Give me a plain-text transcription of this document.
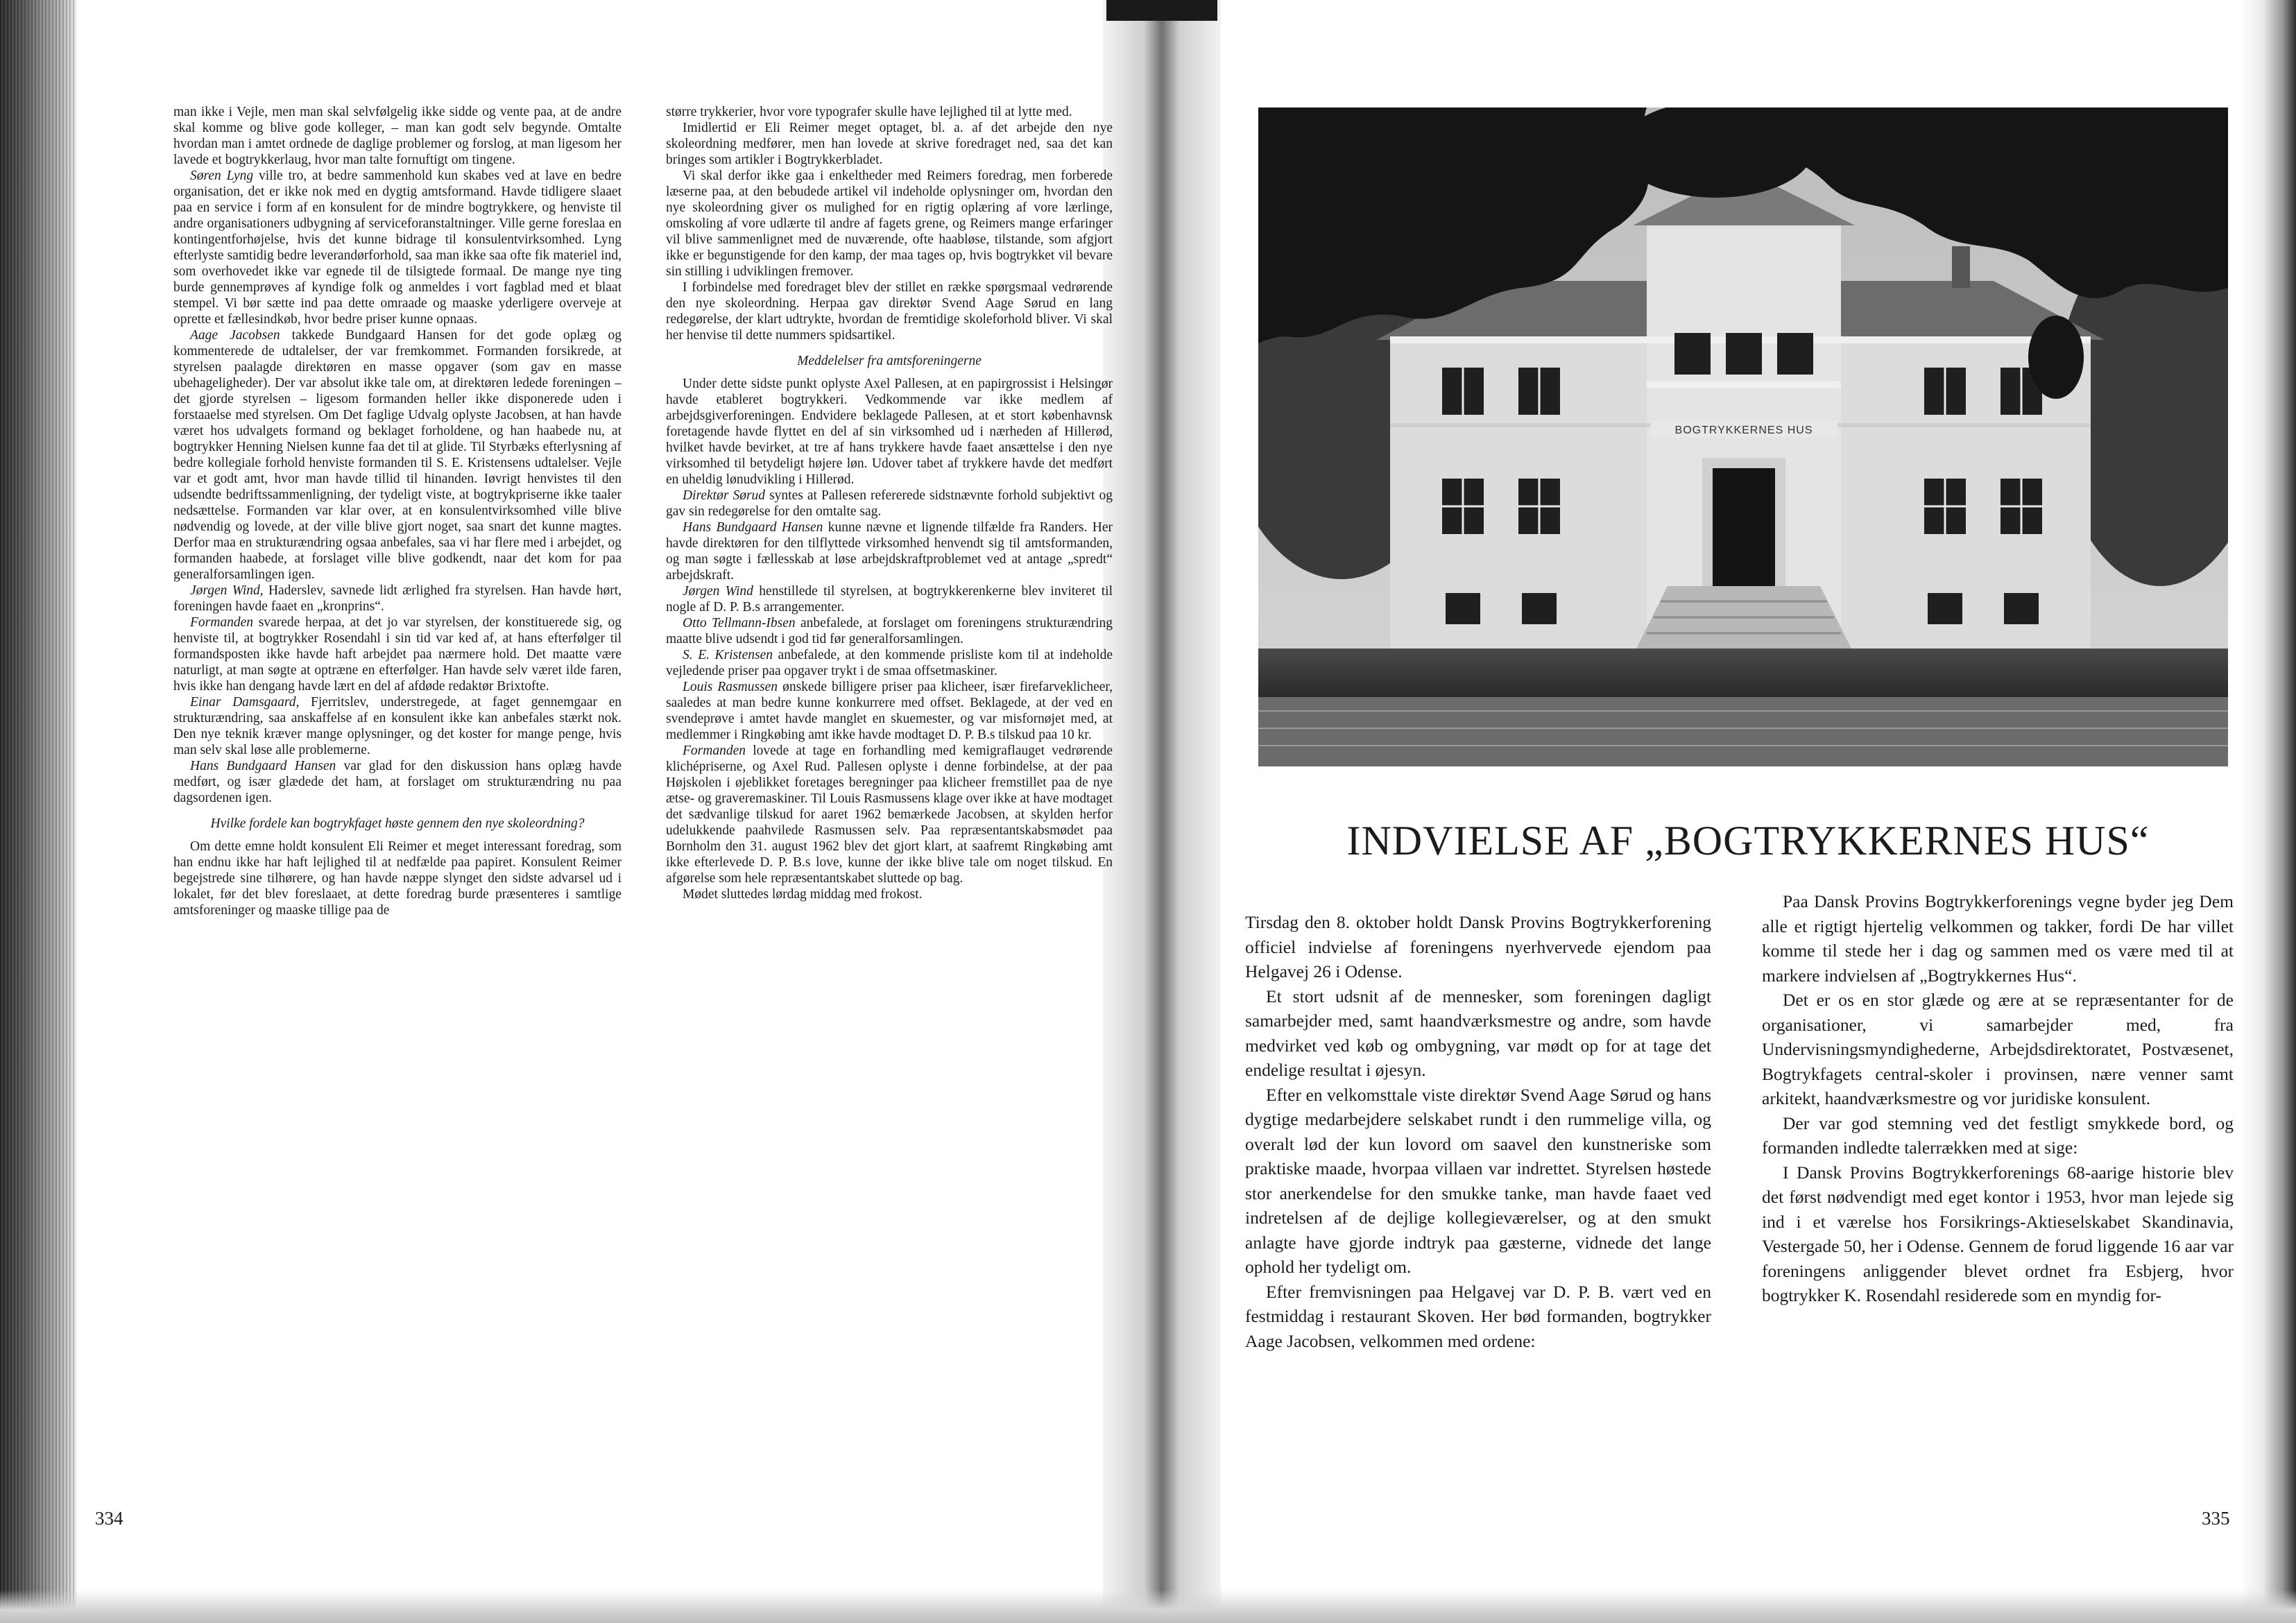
man ikke i Vejle, men man skal selvfølgelig ikke sidde og vente paa, at de andre skal komme og blive gode kolleger, – man kan godt selv begynde. Omtalte hvordan man i amtet ordnede de daglige problemer og forslog, at man ligesom her lavede et bogtrykkerlaug, hvor man talte fornuftigt om tingene.

Søren Lyng ville tro, at bedre sammenhold kun skabes ved at lave en bedre organisation, det er ikke nok med en dygtig amtsformand. Havde tidligere slaaet paa en service i form af en konsulent for de mindre bogtrykkere, og henviste til andre organisationers udbygning af serviceforanstaltninger. Ville gerne foreslaa en kontingentforhøjelse, hvis det kunne bidrage til konsulentvirksomhed. Lyng efterlyste samtidig bedre leverandørforhold, saa man ikke saa ofte fik materiel ind, som overhovedet ikke var egnede til de tilsigtede formaal. De mange nye ting burde gennemprøves af kyndige folk og anmeldes i vort fagblad med et blaat stempel. Vi bør sætte ind paa dette omraade og maaske yderligere overveje at oprette et fællesindkøb, hvor bedre priser kunne opnaas.

Aage Jacobsen takkede Bundgaard Hansen for det gode oplæg og kommenterede de udtalelser, der var fremkommet. Formanden forsikrede, at styrelsen paalagde direktøren en masse opgaver (som gav en masse ubehageligheder). Der var absolut ikke tale om, at direktøren ledede foreningen – det gjorde styrelsen – ligesom formanden heller ikke disponerede uden i forstaaelse med styrelsen. Om Det faglige Udvalg oplyste Jacobsen, at han havde været hos udvalgets formand og beklaget forholdene, og han haabede nu, at bogtrykker Henning Nielsen kunne faa det til at glide. Til Styrbæks efterlysning af bedre kollegiale forhold henviste formanden til S. E. Kristensens udtalelser. Vejle var et godt amt, hvor man havde tillid til hinanden. Iøvrigt henvistes til den udsendte bedriftssammenligning, der tydeligt viste, at bogtrykpriserne ikke taaler nedsættelse. Formanden var klar over, at en konsulentvirksomhed ville blive nødvendig og lovede, at der ville blive gjort noget, saa snart det kunne magtes. Derfor maa en strukturændring ogsaa anbefales, saa vi har flere med i arbejdet, og formanden haabede, at forslaget ville blive godkendt, naar det kom for paa generalforsamlingen igen.

Jørgen Wind, Haderslev, savnede lidt ærlighed fra styrelsen. Han havde hørt, foreningen havde faaet en „kronprins“.

Formanden svarede herpaa, at det jo var styrelsen, der konstituerede sig, og henviste til, at bogtrykker Rosendahl i sin tid var ked af, at hans efterfølger til formandsposten ikke havde haft arbejdet paa nærmere hold. Det maatte være naturligt, at man søgte at optræne en efterfølger. Han havde selv været ilde faren, hvis ikke han dengang havde lært en del af afdøde redaktør Brixtofte.

Einar Damsgaard, Fjerritslev, understregede, at faget gennemgaar en strukturændring, saa anskaffelse af en konsulent ikke kan anbefales stærkt nok. Den nye teknik kræver mange oplysninger, og det koster for mange penge, hvis man selv skal løse alle problemerne.

Hans Bundgaard Hansen var glad for den diskussion hans oplæg havde medført, og især glædede det ham, at forslaget om strukturændring nu paa dagsordenen igen.

Hvilke fordele kan bogtrykfaget høste gennem den nye skoleordning?

Om dette emne holdt konsulent Eli Reimer et meget interessant foredrag, som han endnu ikke har haft lejlighed til at nedfælde paa papiret. Konsulent Reimer begejstrede sine tilhørere, og han havde næppe slynget den sidste advarsel ud i lokalet, før det blev foreslaaet, at dette foredrag burde præsenteres i samtlige amtsforeninger og maaske tillige paa de

større trykkerier, hvor vore typografer skulle have lejlighed til at lytte med.

Imidlertid er Eli Reimer meget optaget, bl. a. af det arbejde den nye skoleordning medfører, men han lovede at skrive foredraget ned, saa det kan bringes som artikler i Bogtrykkerbladet.

Vi skal derfor ikke gaa i enkeltheder med Reimers foredrag, men forberede læserne paa, at den bebudede artikel vil indeholde oplysninger om, hvordan den nye skoleordning giver os mulighed for en rigtig oplæring af vore lærlinge, omskoling af vore udlærte til andre af fagets grene, og Reimers mange erfaringer vil blive sammenlignet med de nuværende, ofte haabløse, tilstande, som afgjort ikke er begunstigende for den kamp, der maa tages op, hvis bogtrykket vil bevare sin stilling i udviklingen fremover.

I forbindelse med foredraget blev der stillet en række spørgsmaal vedrørende den nye skoleordning. Herpaa gav direktør Svend Aage Sørud en lang redegørelse, der klart udtrykte, hvordan de fremtidige skoleforhold bliver. Vi skal her henvise til dette nummers spidsartikel.

Meddelelser fra amtsforeningerne

Under dette sidste punkt oplyste Axel Pallesen, at en papirgrossist i Helsingør havde etableret bogtrykkeri. Vedkommende var ikke medlem af arbejdsgiverforeningen. Endvidere beklagede Pallesen, at et stort københavnsk foretagende havde flyttet en del af sin virksomhed ud i nærheden af Hillerød, hvilket havde bevirket, at tre af hans trykkere havde faaet ansættelse i den nye virksomhed til betydeligt højere løn. Udover tabet af trykkere havde det medført en uheldig lønudvikling i Hillerød.

Direktør Sørud syntes at Pallesen refererede sidstnævnte forhold subjektivt og gav sin redegørelse for den omtalte sag.

Hans Bundgaard Hansen kunne nævne et lignende tilfælde fra Randers. Her havde direktøren for den tilflyttede virksomhed henvendt sig til amtsformanden, og man søgte i fællesskab at løse arbejdskraftproblemet ved at antage „spredt“ arbejdskraft.

Jørgen Wind henstillede til styrelsen, at bogtrykkerenkerne blev inviteret til nogle af D. P. B.s arrangementer.

Otto Tellmann-Ibsen anbefalede, at forslaget om foreningens strukturændring maatte blive udsendt i god tid før generalforsamlingen.

S. E. Kristensen anbefalede, at den kommende prisliste kom til at indeholde vejledende priser paa opgaver trykt i de smaa offsetmaskiner.

Louis Rasmussen ønskede billigere priser paa klicheer, især firefarveklicheer, saaledes at man bedre kunne konkurrere med offset. Beklagede, at der ved en svendeprøve i amtet havde manglet en skuemester, og var misfornøjet med, at medlemmer i Ringkøbing amt ikke havde modtaget D. P. B.s tilskud paa 10 kr.

Formanden lovede at tage en forhandling med kemigraflauget vedrørende klichépriserne, og Axel Rud. Pallesen oplyste i denne forbindelse, at der paa Højskolen i øjeblikket foretages beregninger paa klicheer fremstillet paa de nye ætse- og graveremaskiner. Til Louis Rasmussens klage over ikke at have modtaget det sædvanlige tilskud for aaret 1962 bemærkede Jacobsen, at skylden herfor udelukkende paahvilede Rasmussen selv. Paa repræsentantskabsmødet paa Bornholm den 31. august 1962 blev det gjort klart, at saafremt Ringkøbing amt ikke efterlevede D. P. B.s love, kunne der ikke blive tale om noget tilskud. En afgørelse som hele repræsentantskabet sluttede op bag.

Mødet sluttedes lørdag middag med frokost.

334
BOGTRYKKERNES HUS
INDVIELSE AF „BOGTRYKKERNES HUS“

Tirsdag den 8. oktober holdt Dansk Provins Bogtrykkerforening officiel indvielse af foreningens nyerhvervede ejendom paa Helgavej 26 i Odense.

Et stort udsnit af de mennesker, som foreningen dagligt samarbejder med, samt haandværksmestre og andre, som havde medvirket ved køb og ombygning, var mødt op for at tage det endelige resultat i øjesyn.

Efter en velkomsttale viste direktør Svend Aage Sørud og hans dygtige medarbejdere selskabet rundt i den rummelige villa, og overalt lød der kun lovord om saavel den kunstneriske som praktiske maade, hvorpaa villaen var indrettet. Styrelsen høstede stor anerkendelse for den smukke tanke, man havde faaet ved indretelsen af de dejlige kollegieværelser, og at den smukt anlagte have gjorde indtryk paa gæsterne, vidnede det lange ophold her tydeligt om.

Efter fremvisningen paa Helgavej var D. P. B. vært ved en festmiddag i restaurant Skoven. Her bød formanden, bogtrykker Aage Jacobsen, velkommen med ordene:

Paa Dansk Provins Bogtrykkerforenings vegne byder jeg Dem alle et rigtigt hjertelig velkommen og takker, fordi De har villet komme til stede her i dag og sammen med os være med til at markere indvielsen af „Bogtrykkernes Hus“.

Det er os en stor glæde og ære at se repræsentanter for de organisationer, vi samarbejder med, fra Undervisningsmyndighederne, Arbejdsdirektoratet, Postvæsenet, Bogtrykfagets central-skoler i provinsen, nære venner samt arkitekt, haandværksmestre og vor juridiske konsulent.

Der var god stemning ved det festligt smykkede bord, og formanden indledte talerrækken med at sige:

I Dansk Provins Bogtrykkerforenings 68-aarige historie blev det først nødvendigt med eget kontor i 1953, hvor man lejede sig ind i et værelse hos Forsikrings-Aktieselskabet Skandinavia, Vestergade 50, her i Odense. Gennem de forud liggende 16 aar var foreningens anliggender blevet ordnet fra Esbjerg, hvor bogtrykker K. Rosendahl residerede som en myndig for-

335
